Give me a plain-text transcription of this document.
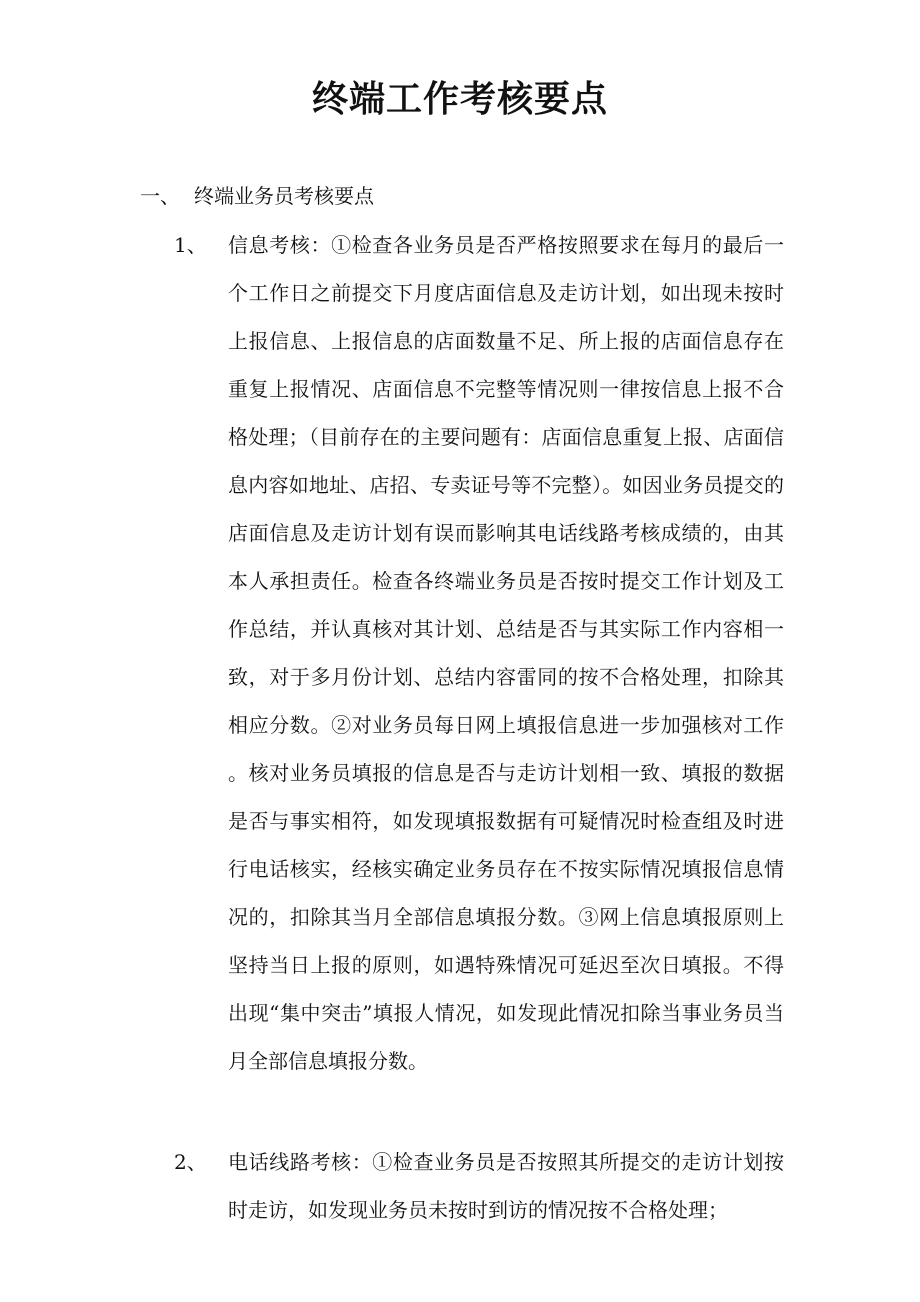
终端工作考核要点
一、 终端业务员考核要点
1、	信息考核：①检查各业务员是否严格按照要求在每月的最后一个工作日之前提交下月度店面信息及走访计划，如出现未按时上报信息、上报信息的店面数量不足、所上报的店面信息存在重复上报情况、店面信息不完整等情况则一律按信息上报不合格处理；（目前存在的主要问题有：店面信息重复上报、店面信息内容如地址、店招、专卖证号等不完整）。如因业务员提交的店面信息及走访计划有误而影响其电话线路考核成绩的，由其本人承担责任。检查各终端业务员是否按时提交工作计划及工作总结，并认真核对其计划、总结是否与其实际工作内容相一致，对于多月份计划、总结内容雷同的按不合格处理，扣除其相应分数。②对业务员每日网上填报信息进一步加强核对工作。核对业务员填报的信息是否与走访计划相一致、填报的数据是否与事实相符，如发现填报数据有可疑情况时检查组及时进行电话核实，经核实确定业务员存在不按实际情况填报信息情况的，扣除其当月全部信息填报分数。③网上信息填报原则上坚持当日上报的原则，如遇特殊情况可延迟至次日填报。不得出现“集中突击”填报人情况，如发现此情况扣除当事业务员当月全部信息填报分数。
2、	电话线路考核：①检查业务员是否按照其所提交的走访计划按时走访，如发现业务员未按时到访的情况按不合格处理；
